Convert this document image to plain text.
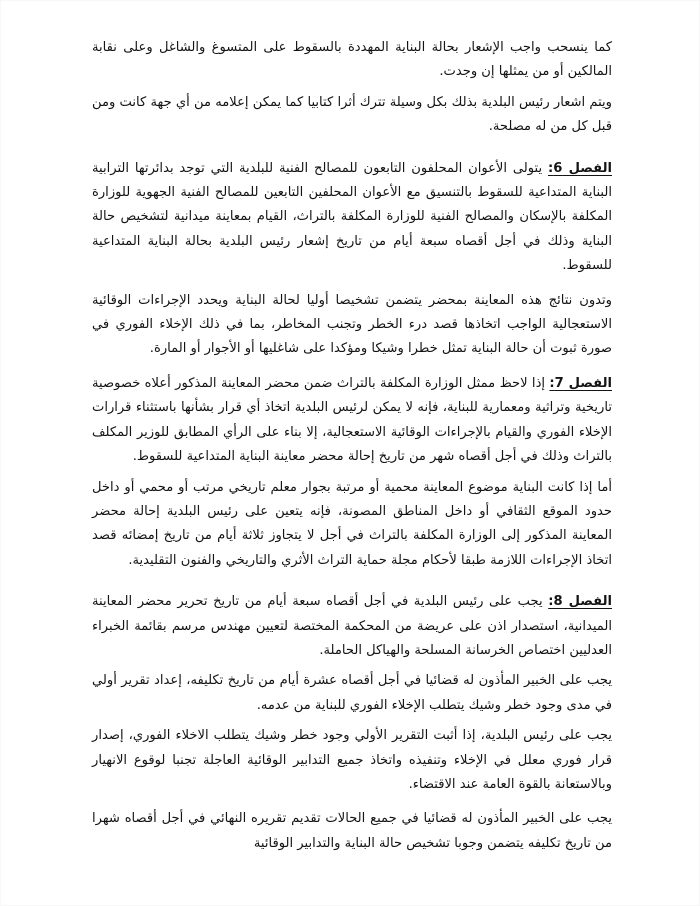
كما ينسحب واجب الإشعار بحالة البناية المهددة بالسقوط على المتسوغ والشاغل وعلى نقابة المالكين أو من يمثلها إن وجدت.

ويتم اشعار رئيس البلدية بذلك بكل وسيلة تترك أثرا كتابيا كما يمكن إعلامه من أي جهة كانت ومن قبل كل من له مصلحة.

الفصل 6: يتولى الأعوان المحلفون التابعون للمصالح الفنية للبلدية التي توجد بدائرتها الترابية البناية المتداعية للسقوط بالتنسيق مع الأعوان المحلفين التابعين للمصالح الفنية الجهوية للوزارة المكلفة بالإسكان والمصالح الفنية للوزارة المكلفة بالتراث، القيام بمعاينة ميدانية لتشخيص حالة البناية وذلك في أجل أقصاه سبعة أيام من تاريخ إشعار رئيس البلدية بحالة البناية المتداعية للسقوط.

وتدون نتائج هذه المعاينة بمحضر يتضمن تشخيصا أوليا لحالة البناية ويحدد الإجراءات الوقائية الاستعجالية الواجب اتخاذها قصد درء الخطر وتجنب المخاطر، بما في ذلك الإخلاء الفوري في صورة ثبوت أن حالة البناية تمثل خطرا وشيكا ومؤكدا على شاغليها أو الأجوار أو المارة.

الفصل 7: إذا لاحظ ممثل الوزارة المكلفة بالتراث ضمن محضر المعاينة المذكور أعلاه خصوصية تاريخية وتراثية ومعمارية للبناية، فإنه لا يمكن لرئيس البلدية اتخاذ أي قرار بشأنها باستثناء قرارات الإخلاء الفوري والقيام بالإجراءات الوقائية الاستعجالية، إلا بناء على الرأي المطابق للوزير المكلف بالتراث وذلك في أجل أقصاه شهر من تاريخ إحالة محضر معاينة البناية المتداعية للسقوط.

أما إذا كانت البناية موضوع المعاينة محمية أو مرتبة بجوار معلم تاريخي مرتب أو محمي أو داخل حدود الموقع الثقافي أو داخل المناطق المصونة، فإنه يتعين على رئيس البلدية إحالة محضر المعاينة المذكور إلى الوزارة المكلفة بالتراث في أجل لا يتجاوز ثلاثة أيام من تاريخ إمضائه قصد اتخاذ الإجراءات اللازمة طبقا لأحكام مجلة حماية التراث الأثري والتاريخي والفنون التقليدية.

الفصل 8: يجب على رئيس البلدية في أجل أقصاه سبعة أيام من تاريخ تحرير محضر المعاينة الميدانية، استصدار اذن على عريضة من المحكمة المختصة لتعيين مهندس مرسم بقائمة الخبراء العدليين اختصاص الخرسانة المسلحة والهياكل الحاملة.

يجب على الخبير المأذون له قضائيا في أجل أقصاه عشرة أيام من تاريخ تكليفه، إعداد تقرير أولي في مدى وجود خطر وشيك يتطلب الإخلاء الفوري للبناية من عدمه.

يجب على رئيس البلدية، إذا أثبت التقرير الأولي وجود خطر وشيك يتطلب الاخلاء الفوري، إصدار قرار فوري معلل في الإخلاء وتنفيذه واتخاذ جميع التدابير الوقائية العاجلة تجنبا لوقوع الانهيار وبالاستعانة بالقوة العامة عند الاقتضاء.

يجب على الخبير المأذون له قضائيا في جميع الحالات تقديم تقريره النهائي في أجل أقصاه شهرا من تاريخ تكليفه يتضمن وجوبا تشخيص حالة البناية والتدابير الوقائية
